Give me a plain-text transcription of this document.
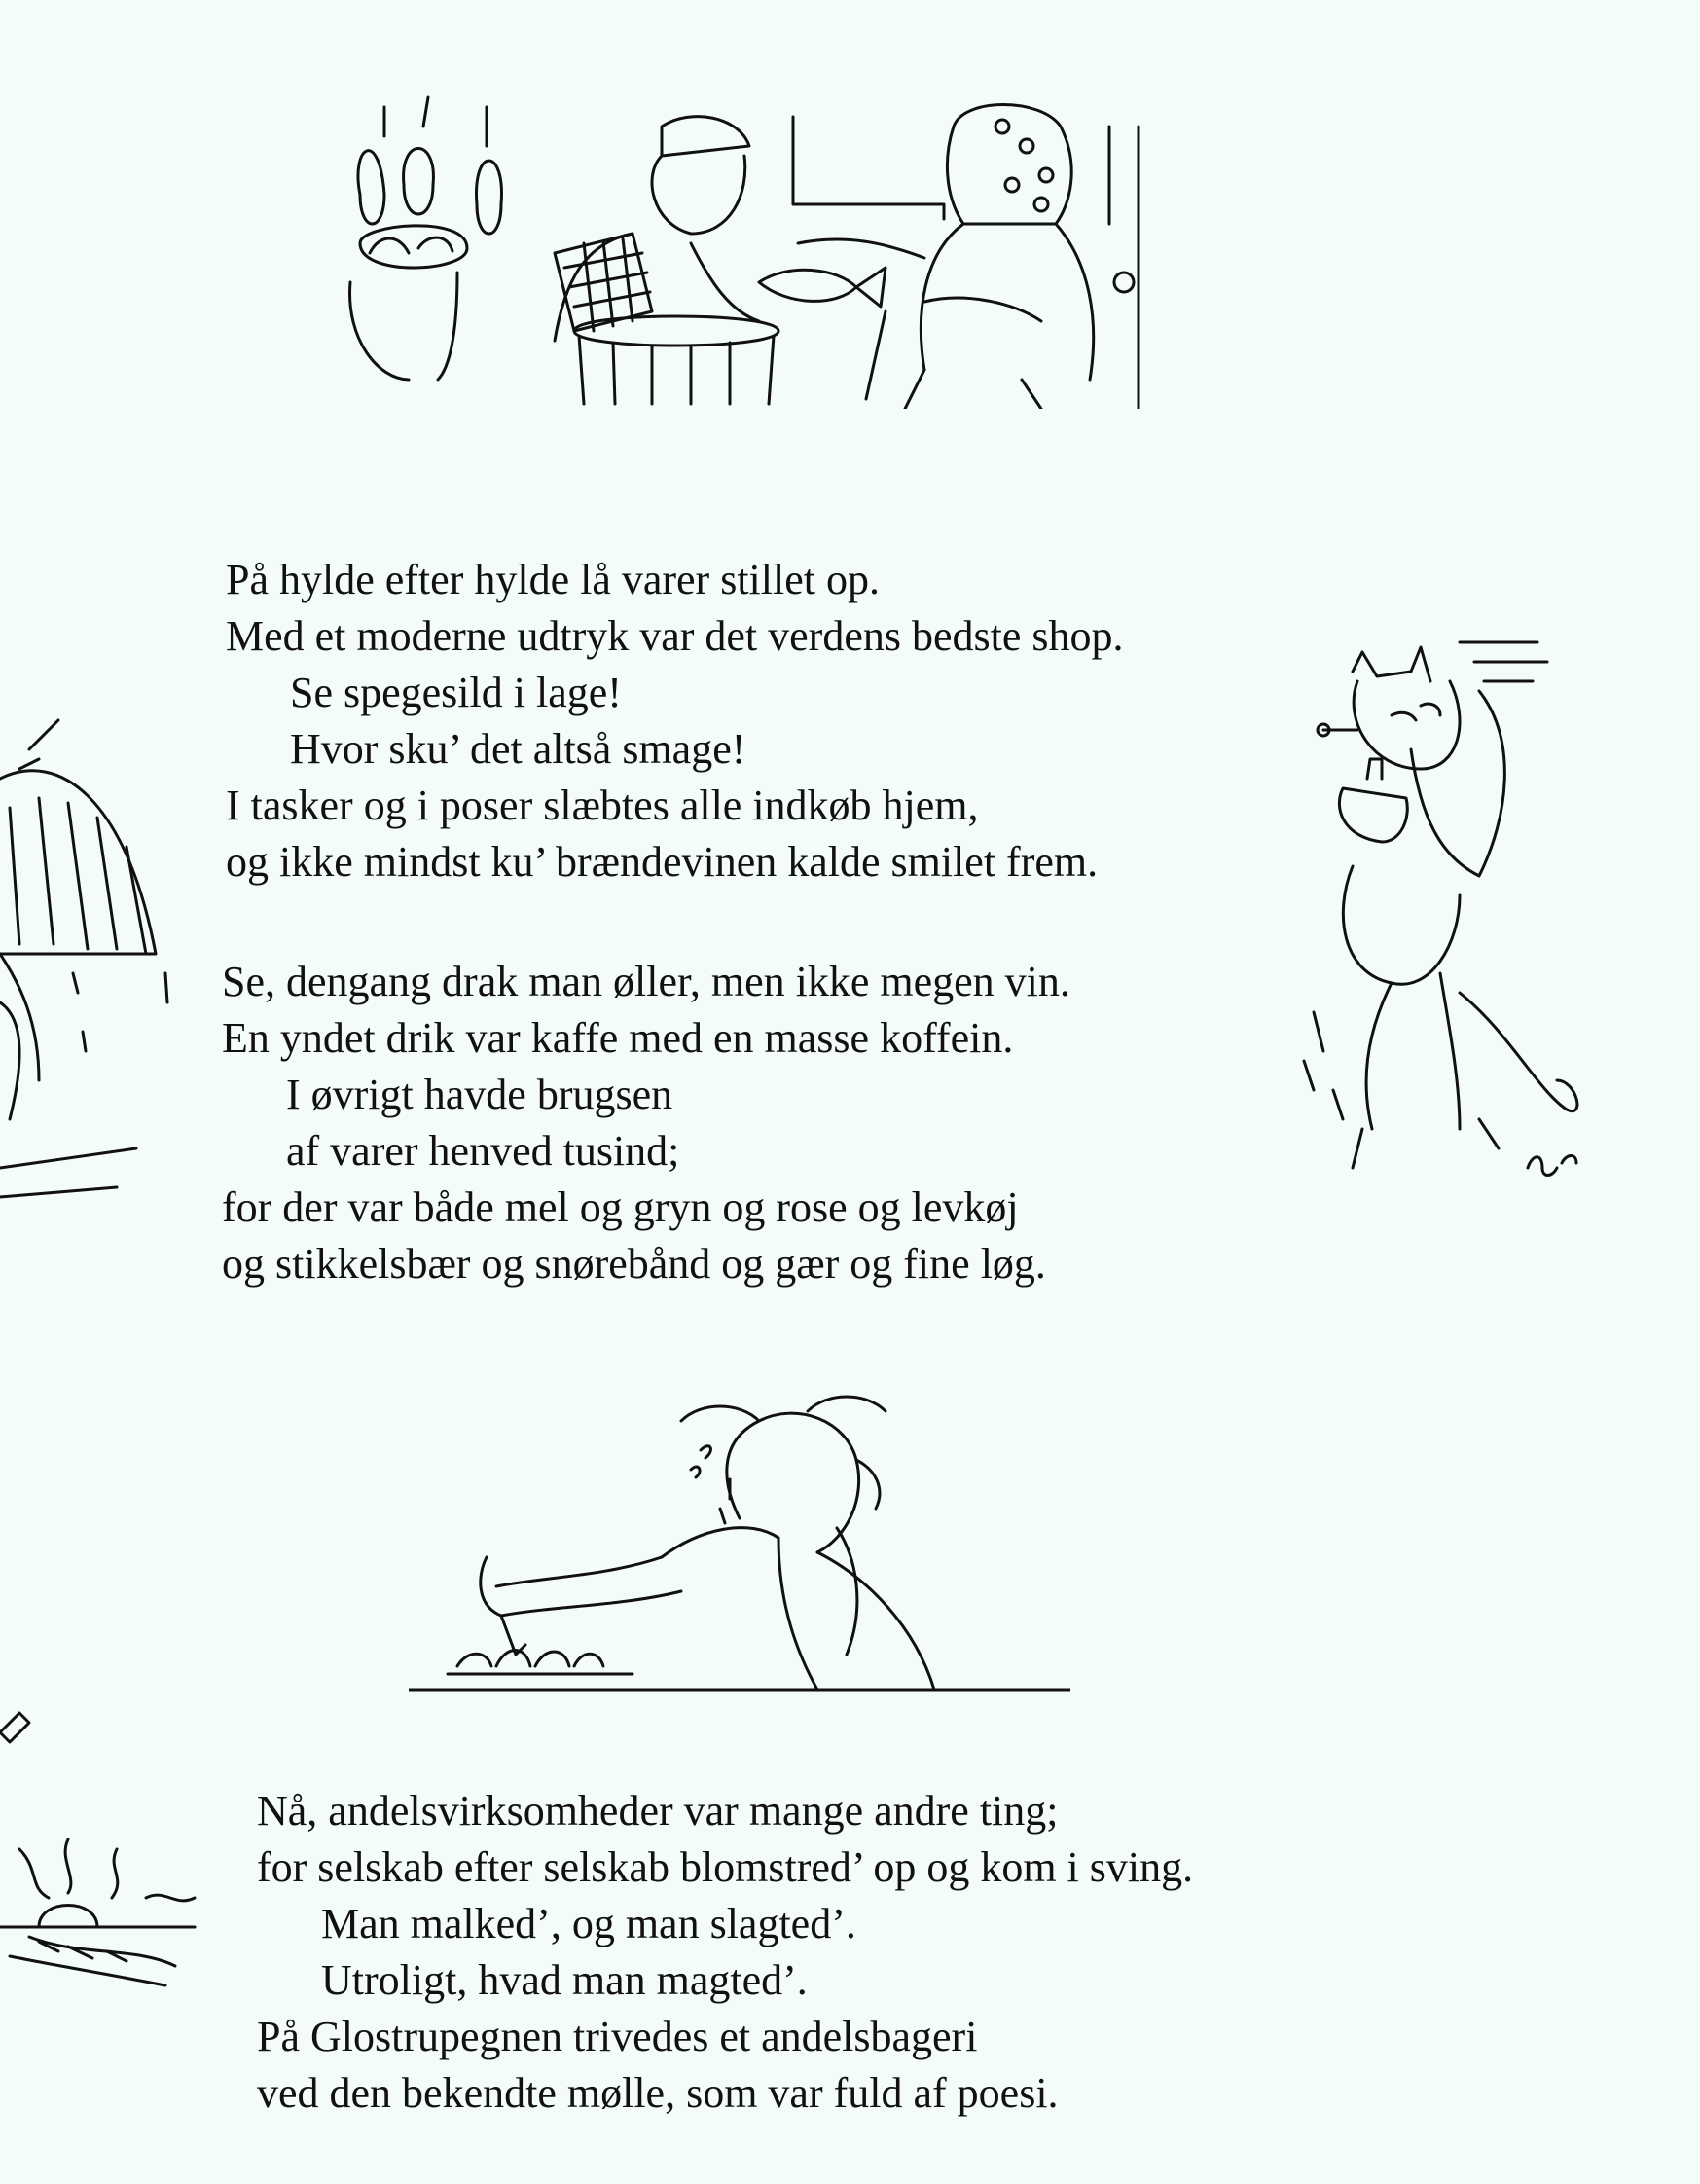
På hylde efter hylde lå varer stillet op.
Med et moderne udtryk var det verdens bedste shop.
Se spegesild i lage!
Hvor sku’ det altså smage!
I tasker og i poser slæbtes alle indkøb hjem,
og ikke mindst ku’ brændevinen kalde smilet frem.
Se, dengang drak man øller, men ikke megen vin.
En yndet drik var kaffe med en masse koffein.
I øvrigt havde brugsen
af varer henved tusind;
for der var både mel og gryn og rose og levkøj
og stikkelsbær og snørebånd og gær og fine løg.
Nå, andelsvirksomheder var mange andre ting;
for selskab efter selskab blomstred’ op og kom i sving.
Man malked’, og man slagted’.
Utroligt, hvad man magted’.
På Glostrupegnen trivedes et andelsbageri
ved den bekendte mølle, som var fuld af poesi.
